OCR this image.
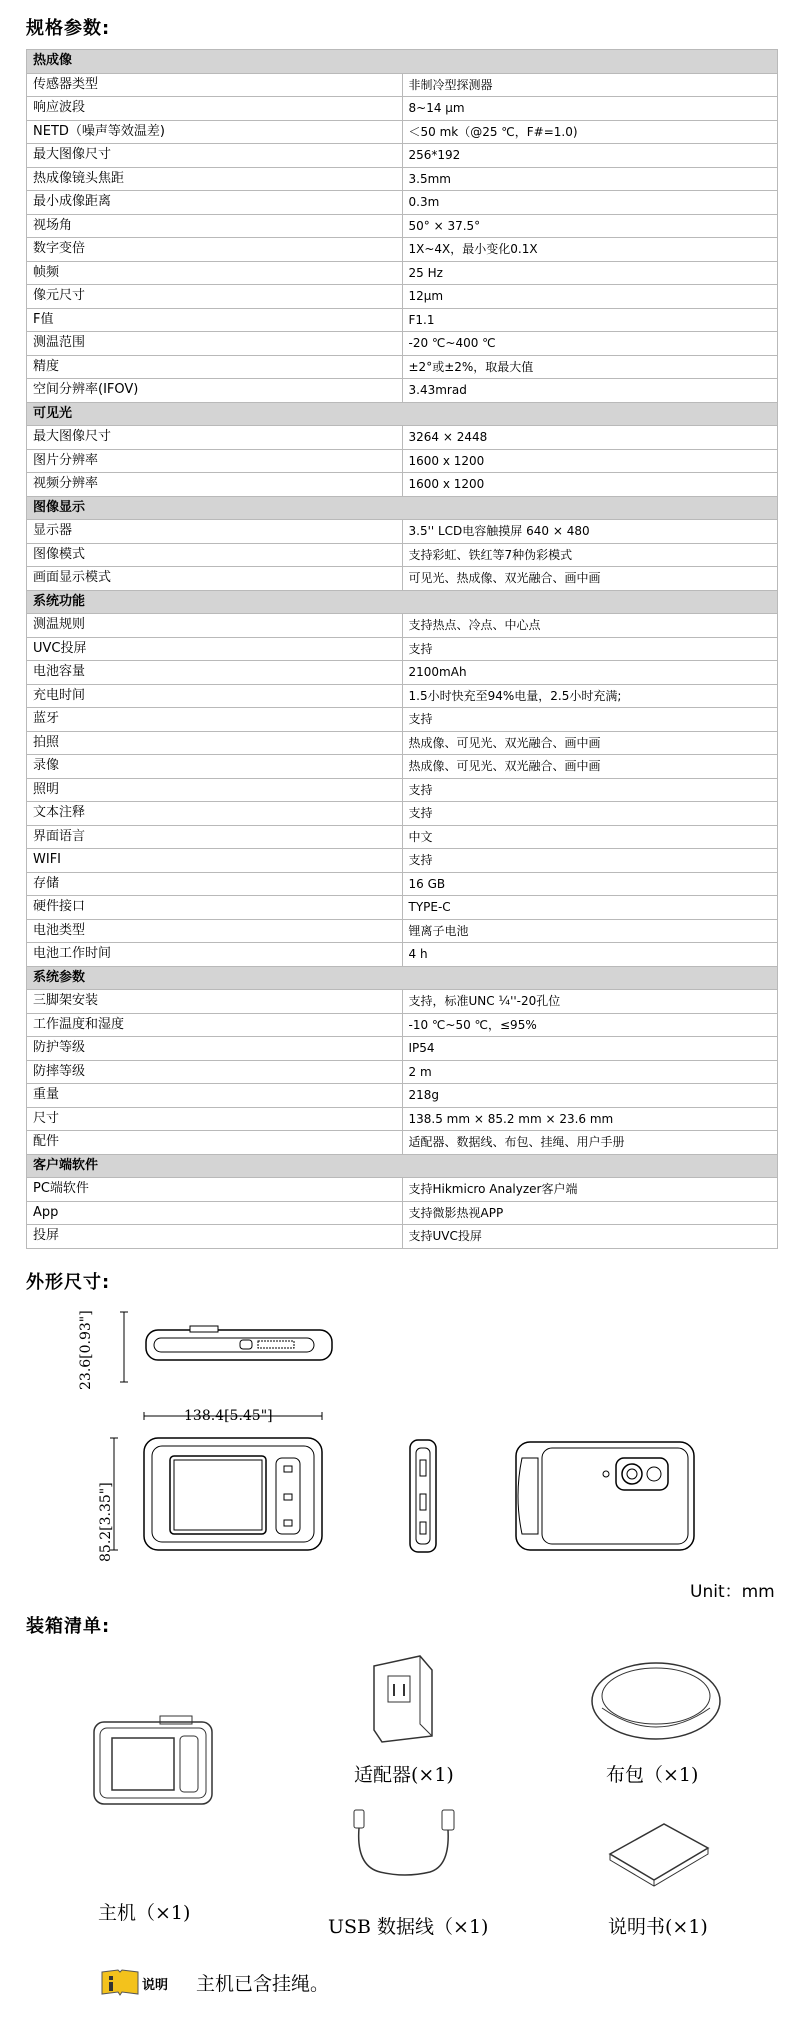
规格参数:
热成像	
传感器类型	非制冷型探测器
响应波段	8~14 μm
NETD（噪声等效温差)	＜50 mk（@25 ℃，F#=1.0)
最大图像尺寸	256*192
热成像镜头焦距	3.5mm
最小成像距离	0.3m
视场角	50° × 37.5°
数字变倍	1X~4X，最小变化0.1X
帧频	25 Hz
像元尺寸	12μm
F值	F1.1
测温范围	-20 ℃~400 ℃
精度	±2°或±2%，取最大值
空间分辨率(IFOV)	3.43mrad
可见光	
最大图像尺寸	3264 × 2448
图片分辨率	1600 x 1200
视频分辨率	1600 x 1200
图像显示	
显示器	3.5'' LCD电容触摸屏 640 × 480
图像模式	支持彩虹、铁红等7种伪彩模式
画面显示模式	可见光、热成像、双光融合、画中画
系统功能	
测温规则	支持热点、冷点、中心点
UVC投屏	支持
电池容量	2100mAh
充电时间	1.5小时快充至94%电量，2.5小时充满;
蓝牙	支持
拍照	热成像、可见光、双光融合、画中画
录像	热成像、可见光、双光融合、画中画
照明	支持
文本注释	支持
界面语言	中文
WIFI	支持
存储	16 GB
硬件接口	TYPE-C
电池类型	锂离子电池
电池工作时间	4 h
系统参数	
三脚架安装	支持，标准UNC ¼''-20孔位
工作温度和湿度	-10 ℃~50 ℃，≤95%
防护等级	IP54
防摔等级	2 m
重量	218g
尺寸	138.5 mm × 85.2 mm × 23.6 mm
配件	适配器、数据线、布包、挂绳、用户手册
客户端软件	
PC端软件	支持Hikmicro Analyzer客户端
App	支持微影热视APP
投屏	支持UVC投屏
外形尺寸:
23.6[0.93"]
138.4[5.45"]
85.2[3.35"]
Unit：mm
装箱清单:
主机（×1)
适配器(×1)	布包（×1)
USB 数据线（×1)	说明书(×1)
说明 主机已含挂绳。
